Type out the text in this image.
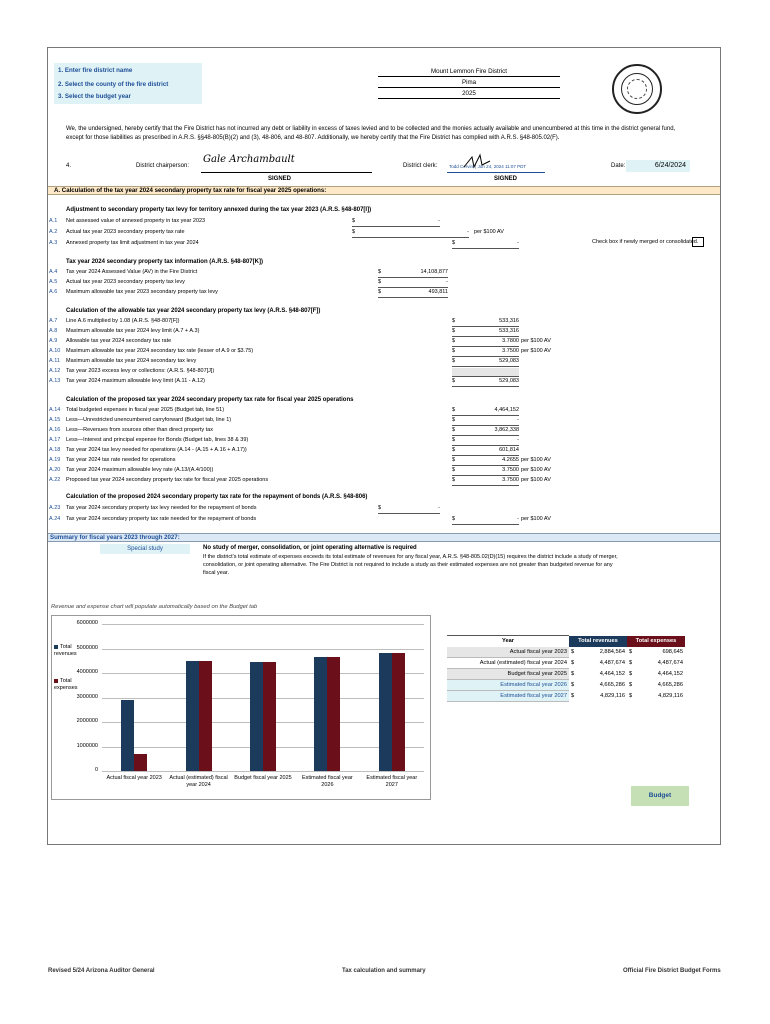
1. Enter fire district name
2. Select the county of the fire district
3. Select the budget year
Mount Lemmon Fire District
Pima
2025
We, the undersigned, hereby certify that the Fire District has not incurred any debt or liability in excess of taxes levied and to be collected and the monies actually available and unencumbered at this time in the district general fund, except for those liabilities as prescribed in A.R.S. §§48-805(B)(2) and (3), 48-806, and 48-807. Additionally, we hereby certify that the Fire District has complied with A.R.S. §48-805.02(F).
4.	District chairperson:
Gale Archambault
SIGNED
District clerk:	Todd Cervini | Jun 24, 2024 11:07 PDT
SIGNED
Date:	6/24/2024
A. Calculation of the tax year 2024 secondary property tax rate for fiscal year 2025 operations:
Adjustment to secondary property tax levy for territory annexed during the tax year 2023 (A.R.S. §48-807[I])
A.1 Net assessed value of annexed property in tax year 2023	$	-
A.2 Actual tax year 2023 secondary property tax rate	$	- per $100 AV
A.3 Annexed property tax limit adjustment in tax year 2024	$	-	Check box if newly merged or consolidated.
Tax year 2024 secondary property tax information (A.R.S. §48-807[K])
A.4 Tax year 2024 Assessed Value (AV) in the Fire District	$	14,108,877
A.5 Actual tax year 2023 secondary property tax levy	$	-
A.6 Maximum allowable tax year 2023 secondary property tax levy	$	493,811
Calculation of the allowable tax year 2024 secondary property tax levy (A.R.S. §48-807[F])
A.7 Line A.6 multiplied by 1.08 (A.R.S. §48-807[F])	$	533,316
A.8 Maximum allowable tax year 2024 levy limit (A.7 + A.3)	$	533,316
A.9 Allowable tax year 2024 secondary tax rate	$	3.7800 per $100 AV
A.10 Maximum allowable tax year 2024 secondary tax rate (lesser of A.9 or $3.75)	$	3.7500 per $100 AV
A.11 Maximum allowable tax year 2024 secondary tax levy	$	529,083
A.12 Tax year 2023 excess levy or collections: (A.R.S. §48-807[J])
A.13 Tax year 2024 maximum allowable levy limit (A.11 - A.12)	$	529,083
Calculation of the proposed tax year 2024 secondary property tax rate for fiscal year 2025 operations
A.14 Total budgeted expenses in fiscal year 2025 (Budget tab, line 51)	$	4,464,152
A.15 Less—Unrestricted unencumbered carryforward (Budget tab, line 1)	$	-
A.16 Less—Revenues from sources other than direct property tax	$	3,862,338
A.17 Less—Interest and principal expense for Bonds (Budget tab, lines 38 & 39)	$	-
A.18 Tax year 2024 tax levy needed for operations (A.14 - (A.15 + A.16 + A.17))	$	601,814
A.19 Tax year 2024 tax rate needed for operations	$	4.2655 per $100 AV
A.20 Tax year 2024 maximum allowable levy rate (A.13/(A.4/100))	$	3.7500 per $100 AV
A.22 Proposed tax year 2024 secondary property tax rate for fiscal year 2025 operations	$	3.7500 per $100 AV
Calculation of the proposed 2024 secondary property tax rate for the repayment of bonds (A.R.S. §48-806)
A.23 Tax year 2024 secondary property tax levy needed for the repayment of bonds	$	-
A.24 Tax year 2024 secondary property tax rate needed for the repayment of bonds	$	- per $100 AV
Summary for fiscal years 2023 through 2027:
Special study	No study of merger, consolidation, or joint operating alternative is required
If the district's total estimate of expenses exceeds its total estimate of revenues for any fiscal year, A.R.S. §48-805.02(D)(15) requires the district include a study of merger, consolidation, or joint operating alternative. The Fire District is not required to include a study as their estimated expenses are not greater than budgeted revenue for any fiscal year.
Revenue and expense chart will populate automatically based on the Budget tab
0
1000000
2000000
3000000
4000000
5000000
6000000
Actual fiscal year 2023	Actual (estimated) fiscal year 2024
Budget fiscal year 2025	Estimated fiscal year 2026
Estimated fiscal year 2027
Total revenues
Total expenses
Year	Total revenues		Total expenses	
Actual fiscal year 2023	$	2,884,564	$	698,645
Actual (estimated) fiscal year 2024	$	4,487,674	$	4,487,674
Budget fiscal year 2025	$	4,464,152	$	4,464,152
Estimated fiscal year 2026	$	4,665,286	$	4,665,286
Estimated fiscal year 2027	$	4,829,116	$	4,829,116
Budget
Revised 5/24 Arizona Auditor General	Tax calculation and summary	Official Fire District Budget Forms
